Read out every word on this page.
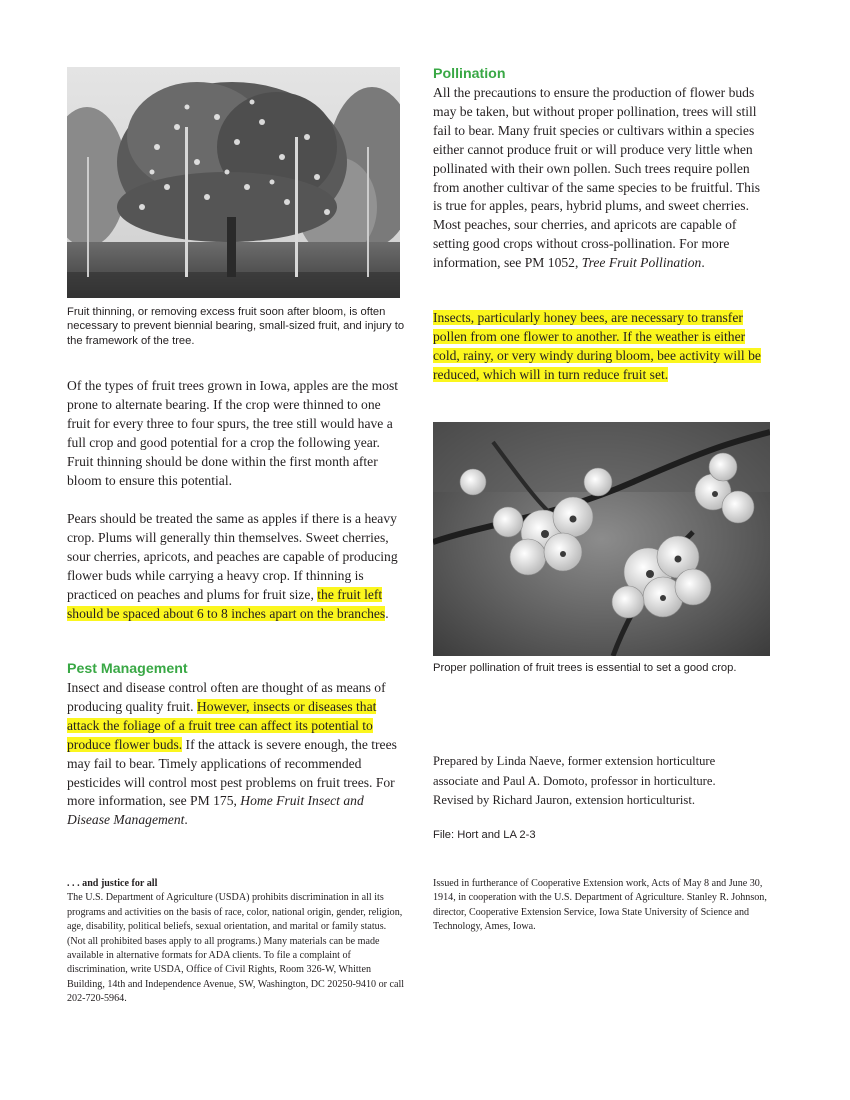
Fruit thinning, or removing excess fruit soon after bloom, is often necessary to prevent biennial bearing, small-sized fruit, and injury to the framework of the tree.
Of the types of fruit trees grown in Iowa, apples are the most prone to alternate bearing. If the crop were thinned to one fruit for every three to four spurs, the tree still would have a full crop and good potential for a crop the following year. Fruit thinning should be done within the first month after bloom to ensure this potential.
Pears should be treated the same as apples if there is a heavy crop. Plums will generally thin themselves. Sweet cherries, sour cherries, apricots, and peaches are capable of producing flower buds while carrying a heavy crop. If thinning is practiced on peaches and plums for fruit size, the fruit left should be spaced about 6 to 8 inches apart on the branches.
Pest Management
Insect and disease control often are thought of as means of producing quality fruit. However, insects or diseases that attack the foliage of a fruit tree can affect its potential to produce flower buds. If the attack is severe enough, the trees may fail to bear. Timely applications of recommended pesticides will control most pest problems on fruit trees. For more information, see PM 175, Home Fruit Insect and Disease Management.
Pollination
All the precautions to ensure the production of flower buds may be taken, but without proper pollination, trees will still fail to bear. Many fruit species or cultivars within a species either cannot produce fruit or will produce very little when pollinated with their own pollen. Such trees require pollen from another cultivar of the same species to be fruitful. This is true for apples, pears, hybrid plums, and sweet cherries. Most peaches, sour cherries, and apricots are capable of setting good crops without cross-pollination. For more information, see PM 1052, Tree Fruit Pollination.
Insects, particularly honey bees, are necessary to transfer pollen from one flower to another. If the weather is either cold, rainy, or very windy during bloom, bee activity will be reduced, which will in turn reduce fruit set.
Proper pollination of fruit trees is essential to set a good crop.
Prepared by Linda Naeve, former extension horticulture associate and Paul A. Domoto, professor in horticulture. Revised by Richard Jauron, extension horticulturist.
File: Hort and LA 2-3
. . . and justice for all
The U.S. Department of Agriculture (USDA) prohibits discrimination in all its programs and activities on the basis of race, color, national origin, gender, religion, age, disability, political beliefs, sexual orientation, and marital or family status. (Not all prohibited bases apply to all programs.) Many materials can be made available in alternative formats for ADA clients. To file a complaint of discrimination, write USDA, Office of Civil Rights, Room 326-W, Whitten Building, 14th and Independence Avenue, SW, Washington, DC 20250-9410 or call 202-720-5964.
Issued in furtherance of Cooperative Extension work, Acts of May 8 and June 30, 1914, in cooperation with the U.S. Department of Agriculture. Stanley R. Johnson, director, Cooperative Extension Service, Iowa State University of Science and Technology, Ames, Iowa.
